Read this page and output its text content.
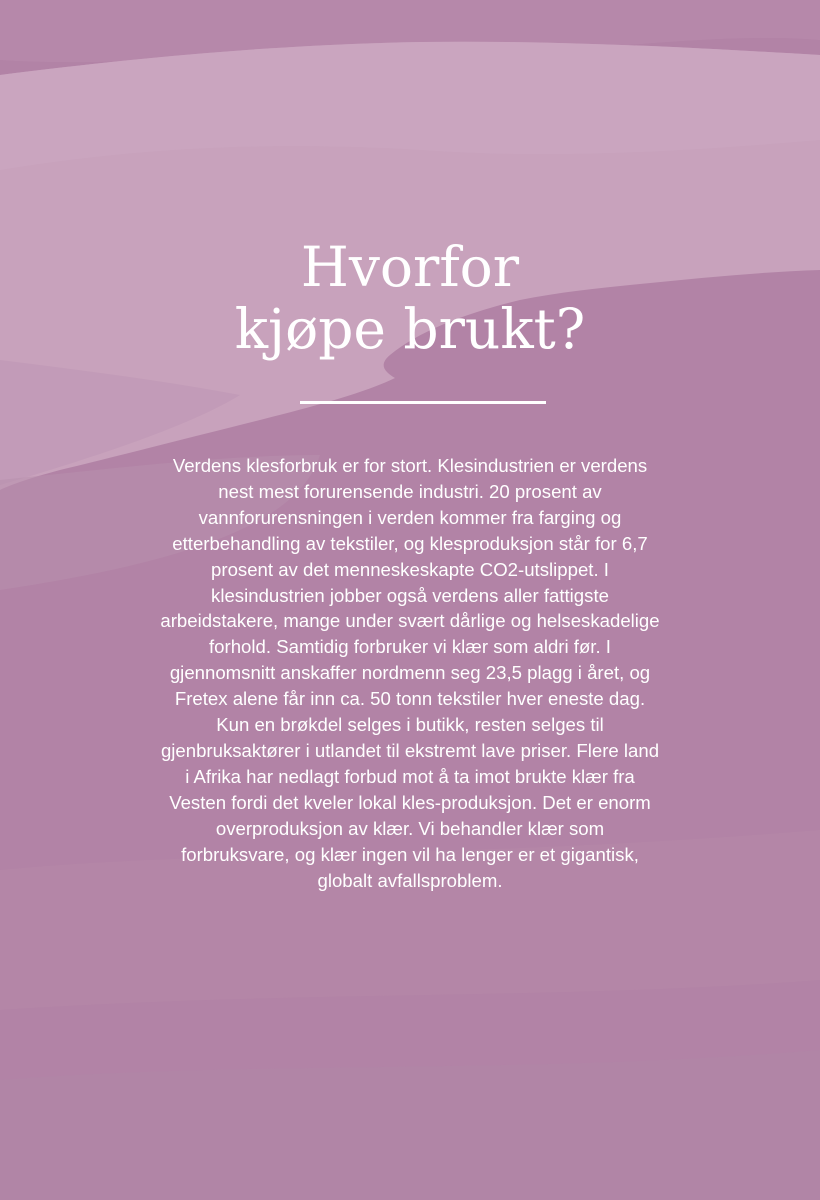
Hvorfor
kjøpe brukt?

Verdens klesforbruk er for stort. Klesindustrien er verdens nest mest forurensende industri. 20 prosent av vannforurensningen i verden kommer fra farging og etterbehandling av tekstiler, og klesproduksjon står for 6,7 prosent av det menneskeskapte CO2-utslippet. I klesindustrien jobber også verdens aller fattigste arbeidstakere, mange under svært dårlige og helseskadelige forhold. Samtidig forbruker vi klær som aldri før. I gjennomsnitt anskaffer nordmenn seg 23,5 plagg i året, og Fretex alene får inn ca. 50 tonn tekstiler hver eneste dag. Kun en brøkdel selges i butikk, resten selges til gjenbruksaktører i utlandet til ekstremt lave priser. Flere land i Afrika har nedlagt forbud mot å ta imot brukte klær fra Vesten fordi det kveler lokal kles-produksjon. Det er enorm overproduksjon av klær. Vi behandler klær som forbruksvare, og klær ingen vil ha lenger er et gigantisk, globalt avfallsproblem.
